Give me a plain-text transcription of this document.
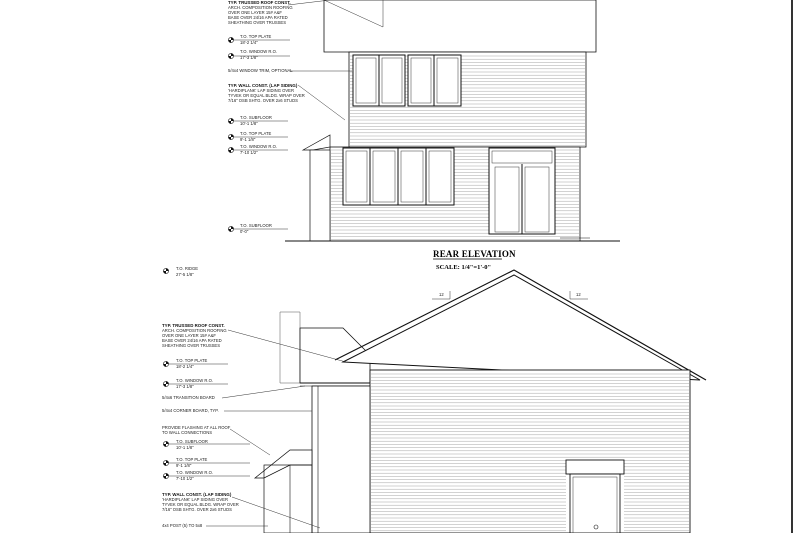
TYP. TRUSSED ROOF CONST.
ARCH. COMPOSITION ROOFING
OVER ONE LAYER 15# A&F
BASE OVER 24/16 APA RATED
SHEATHING OVER TRUSSES
T.O. TOP PLATE
18'-2 1/4"
T.O. WINDOW R.O.
17'-3 1/8"
5/4x4 WINDOW TRIM, OPTIONAL
TYP. WALL CONST. (LAP SIDING)
'HARDIPLANK' LAP SIDING OVER
TYVEK OR EQUAL BLDG. WRAP OVER
7/16" OSB SHTG. OVER 2x6 STUDS
T.O. SUBFLOOR
10'-1 1/8"
T.O. TOP PLATE
9'-1 1/8"
T.O. WINDOW R.O.
7'-10 1/2"
T.O. SUBFLOOR
0'-0"
REAR ELEVATION
SCALE: 1/4"=1'-0"
12	12
T.O. RIDGE
27'-5 1/8"
TYP. TRUSSED ROOF CONST.
ARCH. COMPOSITION ROOFING
OVER ONE LAYER 15# A&F
BASE OVER 24/16 APA RATED
SHEATHING OVER TRUSSES
T.O. TOP PLATE
18'-2 1/4"
T.O. WINDOW R.O.
17'-3 1/8"
5/4x6 TRANSITION BOARD
5/4x4 CORNER BOARD, TYP.
PROVIDE FLASHING AT ALL ROOF
TO WALL CONNECTIONS
T.O. SUBFLOOR
10'-1 1/8"
T.O. TOP PLATE
9'-1 1/8"
T.O. WINDOW R.O.
7'-10 1/2"
TYP. WALL CONST. (LAP SIDING)
'HARDIPLANK' LAP SIDING OVER
TYVEK OR EQUAL BLDG. WRAP OVER
7/16" OSB SHTG. OVER 2x6 STUDS
4x4 POST (5) TO 5x8
